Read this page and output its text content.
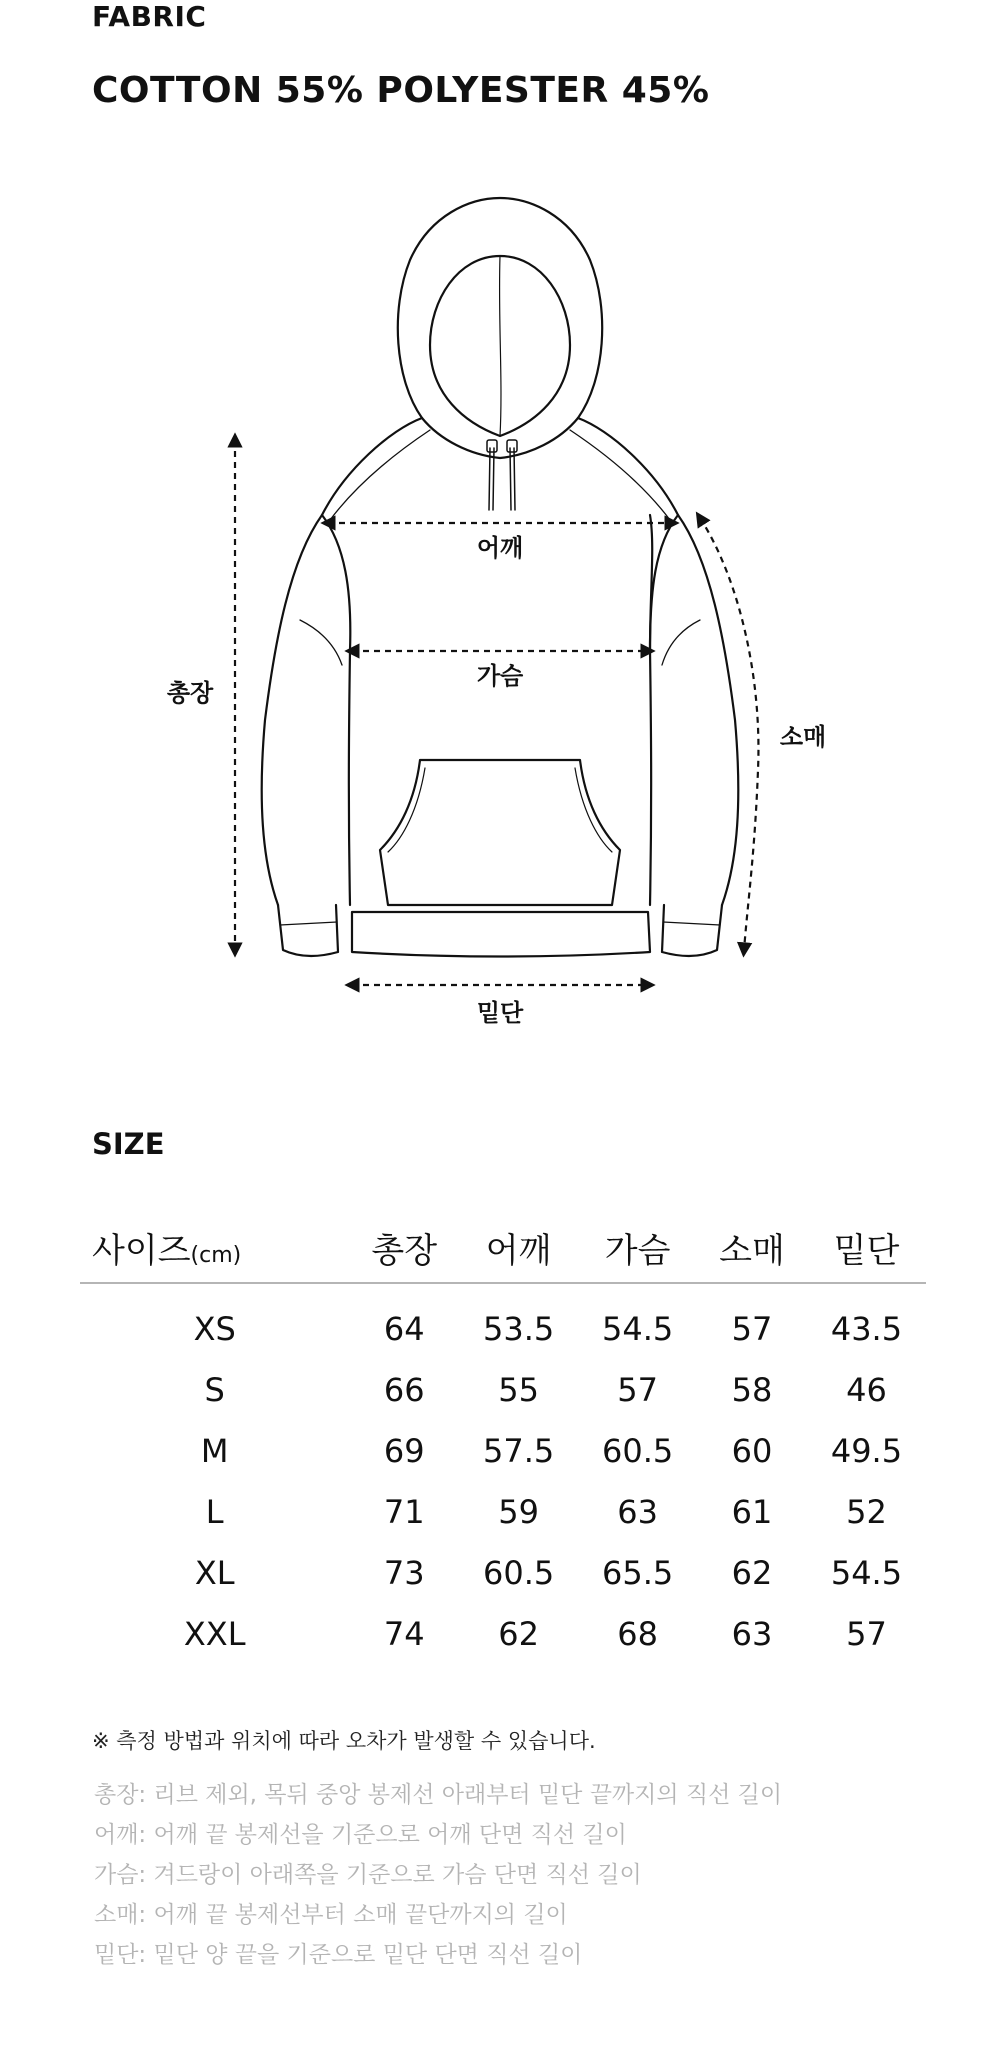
FABRIC
COTTON 55% POLYESTER 45%
어깨
가슴
총장
소매
밑단
SIZE
사이즈(cm)	총장	어깨	가슴	소매	밑단
XS	64	53.5	54.5	57	43.5
S	66	55	57	58	46
M	69	57.5	60.5	60	49.5
L	71	59	63	61	52
XL	73	60.5	65.5	62	54.5
XXL	74	62	68	63	57
※ 측정 방법과 위치에 따라 오차가 발생할 수 있습니다.
총장: 리브 제외, 목뒤 중앙 봉제선 아래부터 밑단 끝까지의 직선 길이
어깨: 어깨 끝 봉제선을 기준으로 어깨 단면 직선 길이
가슴: 겨드랑이 아래쪽을 기준으로 가슴 단면 직선 길이
소매: 어깨 끝 봉제선부터 소매 끝단까지의 길이
밑단: 밑단 양 끝을 기준으로 밑단 단면 직선 길이
